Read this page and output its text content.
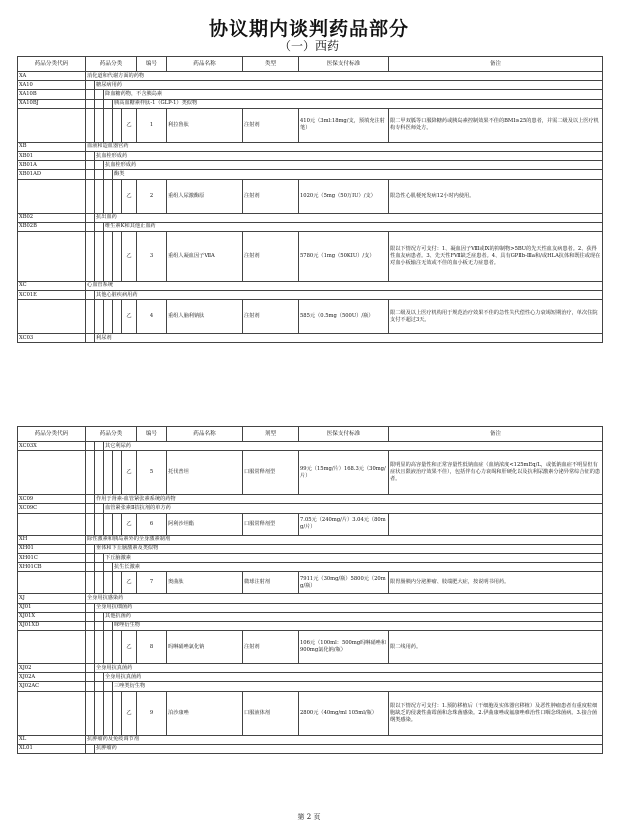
协议期内谈判药品部分
（一）西药
药品分类代码	药品分类					编号	药品名称	类型	医保支付标准	备注
XA	消化道和代谢方面的药物									
XA10		糖尿病用药								
XA10B			降血糖药物，不含胰岛素							
XA10BJ				胰高血糖素样肽-1（GLP-1）类似物						
					乙	1	利拉鲁肽	注射剂	410元（3ml:18mg/支，预填充注射笔）	限二甲双胍等口服降糖药或胰岛素控制效果不佳的BMI≥25的患者，并需二级及以上医疗机构专科医师处方。
XB	血液和造血器官药									
XB01		抗血栓形成药								
XB01A			抗血栓形成药							
XB01AD				酶类						
					乙	2	重组人尿激酶原	注射剂	1020元（5mg（50万IU）/支）	限急性心肌梗死发病12小时内使用。
XB02		抗出血药								
XB02B			维生素K和其他止血药							
					乙	3	重组人凝血因子ⅦA	注射剂	5780元（1mg（50KIU）/支）	限以下情况方可支付：1、凝血因子Ⅷ或Ⅸ的抑制物>5BU的先天性血友病患者。2、获得性血友病患者。3、先天性FⅦ缺乏症患者。4、具有GPⅡb-Ⅲa和/或HLA抗体和既往或现在对血小板输注无效或不佳的血小板无力症患者。
XC	心血管系统									
XC01E		其他心脏疾病用药								
					乙	4	重组人脑利钠肽	注射剂	585元（0.5mg（500U）/瓶）	限二级及以上医疗机构用于规范治疗效果不佳的急性失代偿性心力衰竭短期治疗，单次住院支付不超过3天。
XC03		利尿剂								
药品分类代码	药品分类					编号	药品名称	剂型	医保支付标准	备注
XC03X			其它利尿药							
					乙	5	托伐普坦	口服常释剂型	99元（15mg/片）168.3元（30mg/片）	限明显的高容量性和正常容量性低钠血症（血钠浓度<125mEq/L，或低钠血症不明显但有症状且限液治疗效果不佳），包括伴有心力衰竭和肝硬化以及抗利尿激素分泌异常综合征的患者。
XC09		作用于肾素-血管紧张素系统的药物								
XC09C			血管紧张素Ⅱ拮抗剂的单方药							
					乙	6	阿利沙坦酯	口服常释剂型	7.05元（240mg/片）3.04元（80mg/片）	
XH	除性激素和胰岛素外的全身激素制剂									
XH01		垂体和下丘脑激素及类似物								
XH01C			下丘脑激素							
XH01CB				抗生长激素						
					乙	7	奥曲肽	微球注射剂	7911元（30mg/瓶）5800元（20mg/瓶）	限胃肠胰内分泌肿瘤、肢端肥大症，按说明书用药。
XJ	全身用抗感染药									
XJ01		全身用抗细菌药								
XJ01X			其他抗菌药							
XJ01XD				咪唑衍生物						
					乙	8	吗啉硝唑氯化钠	注射剂	106元（100ml：500mg吗啉硝唑和900mg氯化钠/瓶）	限二线用药。
XJ02		全身用抗真菌药								
XJ02A			全身用抗真菌药							
XJ02AC				三唑类衍生物						
					乙	9	泊沙康唑	口服液体剂	2800元（40mg/ml 105ml/瓶）	限以下情况方可支付：1.预防移植后（干细胞及实体器官移植）及恶性肿瘤患者有重度粒细胞缺乏的侵袭性曲霉菌和念珠菌感染。2.伊曲康唑或氟康唑难治性口咽念珠菌病。3.接合菌纲类感染。
XL	抗肿瘤药及免疫调节剂									
XL01		抗肿瘤药								
第 2 页
